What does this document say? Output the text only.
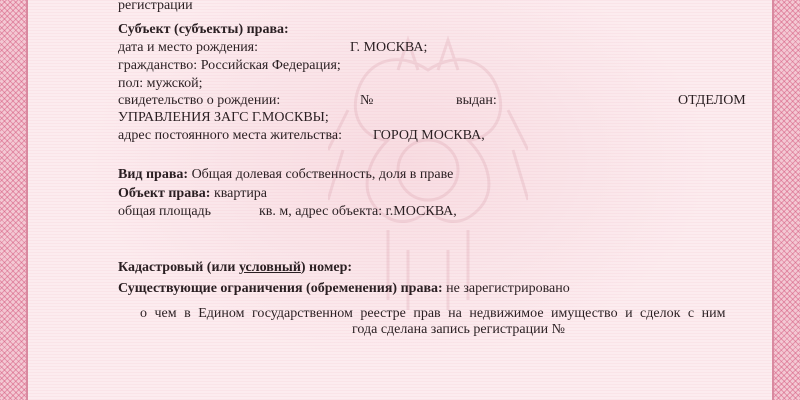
регистрации
Субъект (субъекты) права:
дата и место рождения:	Г. МОСКВА;
гражданство: Российская Федерация;
пол: мужской;
свидетельство о рождении:	№	выдан:	ОТДЕЛОМ
УПРАВЛЕНИЯ ЗАГС Г.МОСКВЫ;
адрес постоянного места жительства: ГОРОД МОСКВА,
Вид права: Общая долевая собственность, доля в праве
Объект права: квартира
общая площадь	кв. м, адрес объекта: г.МОСКВА,
Кадастровый (или условный) номер:
Существующие ограничения (обременения) права: не зарегистрировано
о чем в Едином государственном реестре прав на недвижимое имущество и сделок с ним
года сделана запись регистрации №
